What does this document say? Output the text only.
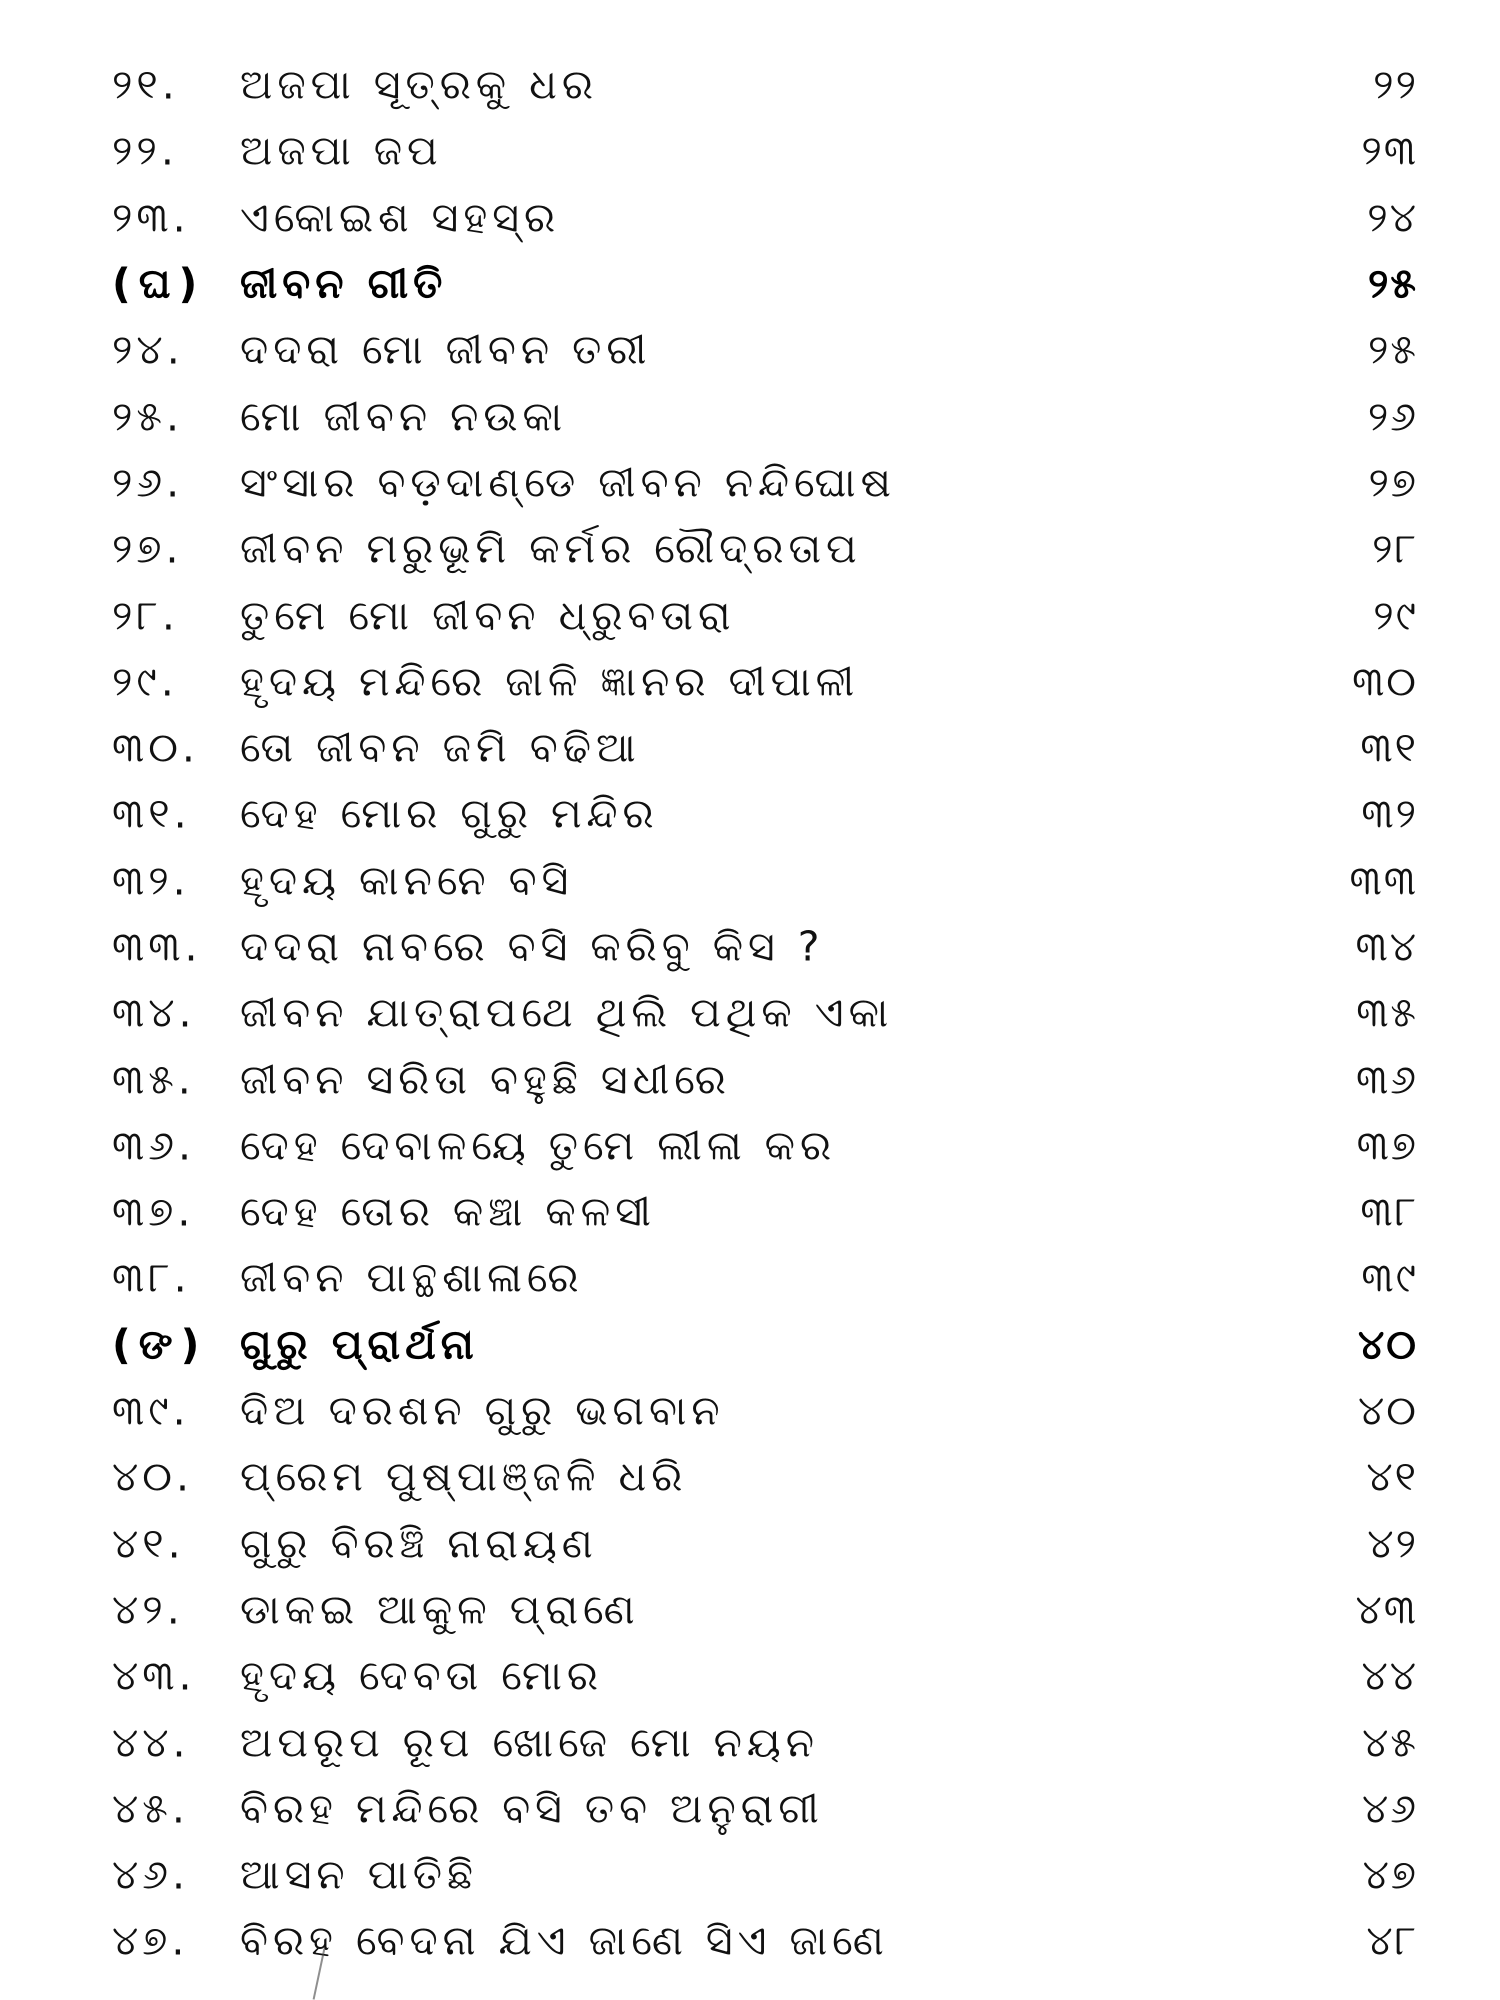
୨୧. ଅଜପା ସୂତ୍ରକୁ ଧର	୨୨
୨୨. ଅଜପା ଜପ	୨୩
୨୩. ଏକୋଇଶ ସହସ୍ର	୨୪
(ଘ) ଜୀବନ ଗୀତି	୨୫
୨୪. ଦଦରା ମୋ ଜୀବନ ତରୀ	୨୫
୨୫. ମୋ ଜୀବନ ନଉକା	୨୬
୨୬. ସଂସାର ବଡ଼ଦାଣ୍ଡେ ଜୀବନ ନନ୍ଦିଘୋଷ	୨୭
୨୭. ଜୀବନ ମରୁଭୂମି କର୍ମର ରୌଦ୍ରତାପ	୨୮
୨୮. ତୁମେ ମୋ ଜୀବନ ଧ୍ରୁବତାରା	୨୯
୨୯. ହୃଦୟ ମନ୍ଦିରେ ଜାଳି ଜ୍ଞାନର ଦୀପାଳୀ	୩୦
୩୦. ତୋ ଜୀବନ ଜମି ବଢିଆ	୩୧
୩୧. ଦେହ ମୋର ଗୁରୁ ମନ୍ଦିର	୩୨
୩୨. ହୃଦୟ କାନନେ ବସି	୩୩
୩୩. ଦଦରା ନାବରେ ବସି କରିବୁ କିସ ?	୩୪
୩୪. ଜୀବନ ଯାତ୍ରାପଥେ ଥିଲି ପଥିକ ଏକା	୩୫
୩୫. ଜୀବନ ସରିତା ବହୁଛି ସଧୀରେ	୩୬
୩୬. ଦେହ ଦେବାଳୟେ ତୁମେ ଲୀଳା କର	୩୭
୩୭. ଦେହ ତୋର କଞ୍ଚା କଳସୀ	୩୮
୩୮. ଜୀବନ ପାନ୍ଥଶାଳାରେ	୩୯
(ଙ) ଗୁରୁ ପ୍ରାର୍ଥନା	୪୦
୩୯. ଦିଅ ଦରଶନ ଗୁରୁ ଭଗବାନ	୪୦
୪୦. ପ୍ରେମ ପୁଷ୍ପାଞ୍ଜଳି ଧରି	୪୧
୪୧. ଗୁରୁ ବିରଞ୍ଚି ନାରାୟଣ	୪୨
୪୨. ଡାକଇ ଆକୁଳ ପ୍ରାଣେ	୪୩
୪୩. ହୃଦୟ ଦେବତା ମୋର	୪୪
୪୪. ଅପରୂପ ରୂପ ଖୋଜେ ମୋ ନୟନ	୪୫
୪୫. ବିରହ ମନ୍ଦିରେ ବସି ତବ ଅନୁରାଗୀ	୪୬
୪୬. ଆସନ ପାତିଛି	୪୭
୪୭. ବିରହ ବେଦନା ଯିଏ ଜାଣେ ସିଏ ଜାଣେ	୪୮
